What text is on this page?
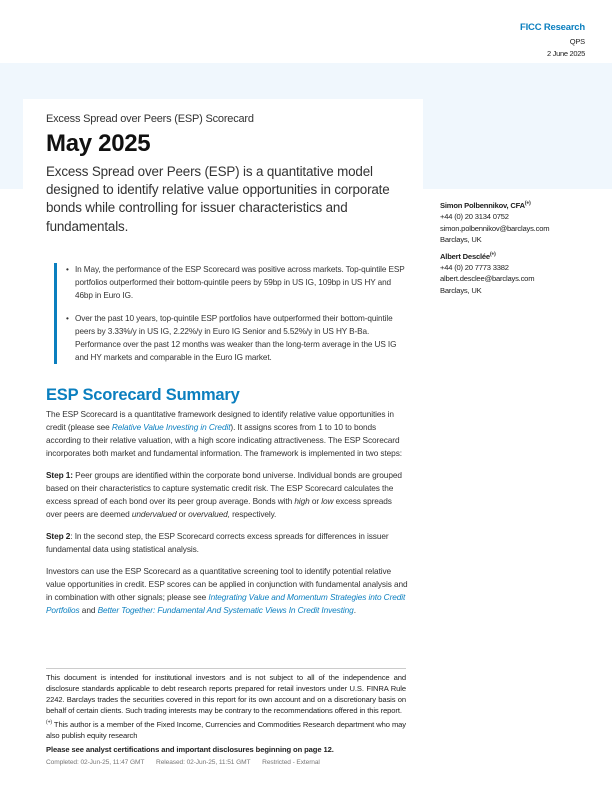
FICC Research
QPS
2 June 2025
Excess Spread over Peers (ESP) Scorecard
May 2025
Excess Spread over Peers (ESP) is a quantitative model designed to identify relative value opportunities in corporate bonds while controlling for issuer characteristics and fundamentals.
Simon Polbennikov, CFA(+)
+44 (0) 20 3134 0752
simon.polbennikov@barclays.com
Barclays, UK
Albert Desclée(+)
+44 (0) 20 7773 3382
albert.desclee@barclays.com
Barclays, UK
• In May, the performance of the ESP Scorecard was positive across markets. Top-quintile ESP portfolios outperformed their bottom-quintile peers by 59bp in US IG, 109bp in US HY and 46bp in Euro IG.
• Over the past 10 years, top-quintile ESP portfolios have outperformed their bottom-quintile peers by 3.33%/y in US IG, 2.22%/y in Euro IG Senior and 5.52%/y in US HY B-Ba. Performance over the past 12 months was weaker than the long-term average in the US IG and HY markets and comparable in the Euro IG market.
ESP Scorecard Summary

The ESP Scorecard is a quantitative framework designed to identify relative value opportunities in credit (please see Relative Value Investing in Credit). It assigns scores from 1 to 10 to bonds according to their relative valuation, with a high score indicating attractiveness. The ESP Scorecard incorporates both market and fundamental information. The framework is implemented in two steps:

Step 1: Peer groups are identified within the corporate bond universe. Individual bonds are grouped based on their characteristics to capture systematic credit risk. The ESP Scorecard calculates the excess spread of each bond over its peer group average. Bonds with high or low excess spreads over peers are deemed undervalued or overvalued, respectively.

Step 2: In the second step, the ESP Scorecard corrects excess spreads for differences in issuer fundamental data using statistical analysis.

Investors can use the ESP Scorecard as a quantitative screening tool to identify potential relative value opportunities in credit. ESP scores can be applied in conjunction with fundamental analysis and in combination with other signals; please see Integrating Value and Momentum Strategies into Credit Portfolios and Better Together: Fundamental And Systematic Views In Credit Investing.

This document is intended for institutional investors and is not subject to all of the independence and disclosure standards applicable to debt research reports prepared for retail investors under U.S. FINRA Rule 2242. Barclays trades the securities covered in this report for its own account and on a discretionary basis on behalf of certain clients. Such trading interests may be contrary to the recommendations offered in this report.

(+) This author is a member of the Fixed Income, Currencies and Commodities Research department who may also publish equity research

Please see analyst certifications and important disclosures beginning on page 12.

Completed: 02-Jun-25, 11:47 GMT Released: 02-Jun-25, 11:51 GMT Restricted - External
